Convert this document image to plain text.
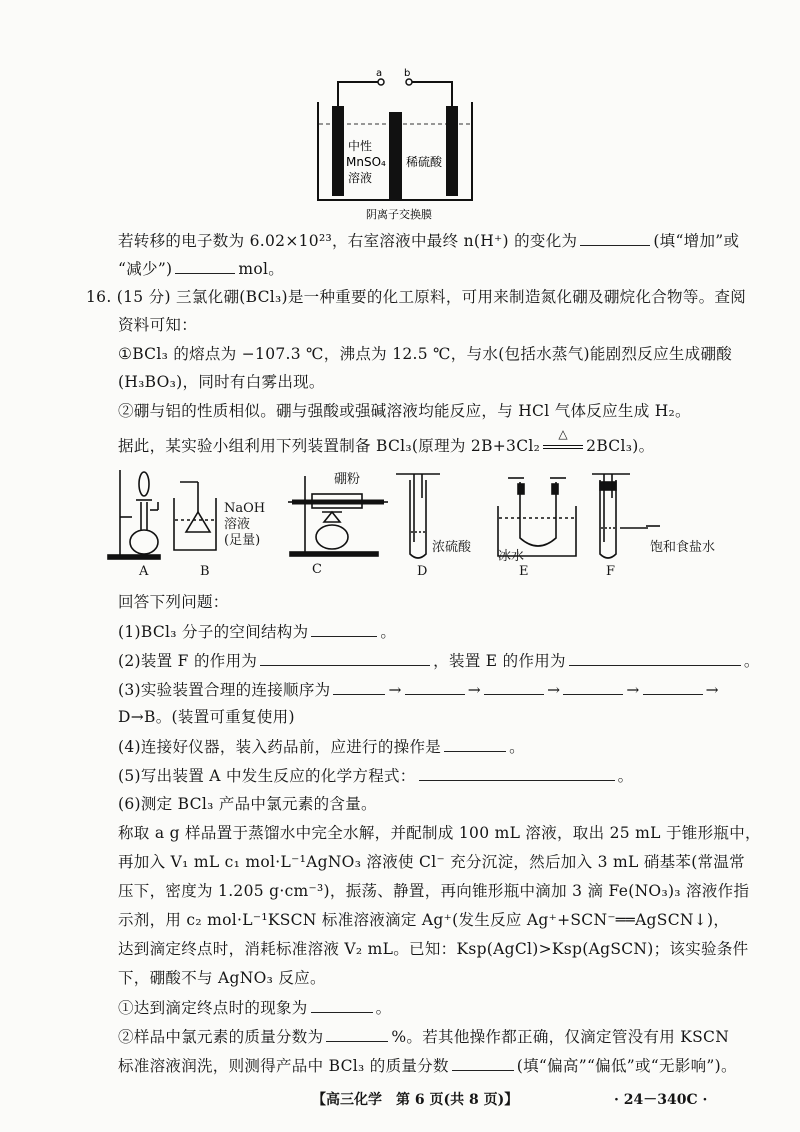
a b
中性
MnSO₄
溶液
稀硫酸
阴离子交换膜
若转移的电子数为 6.02×10²³，右室溶液中最终 n(H⁺) 的变化为	(填“增加”或
“减少”)	mol。
16. (15 分) 三氯化硼(BCl₃)是一种重要的化工原料，可用来制造氮化硼及硼烷化合物等。查阅
资料可知：
①BCl₃ 的熔点为 −107.3 ℃，沸点为 12.5 ℃，与水(包括水蒸气)能剧烈反应生成硼酸
(H₃BO₃)，同时有白雾出现。
②硼与铝的性质相似。硼与强酸或强碱溶液均能反应，与 HCl 气体反应生成 H₂。
据此，某实验小组利用下列装置制备 BCl₃(原理为 2B+3Cl₂
△
2BCl₃)。
NaOH
溶液
(足量)
硼粉
浓硫酸
冰水
饱和食盐水
A	B	C	D	E	F
回答下列问题：
(1)BCl₃ 分子的空间结构为	。
(2)装置 F 的作用为	，装置 E 的作用为	。
(3)实验装置合理的连接顺序为	→	→	→	→	→
D→B。(装置可重复使用)
(4)连接好仪器，装入药品前，应进行的操作是	。
(5)写出装置 A 中发生反应的化学方程式：	。
(6)测定 BCl₃ 产品中氯元素的含量。
称取 a g 样品置于蒸馏水中完全水解，并配制成 100 mL 溶液，取出 25 mL 于锥形瓶中，
再加入 V₁ mL c₁ mol·L⁻¹AgNO₃ 溶液使 Cl⁻ 充分沉淀，然后加入 3 mL 硝基苯(常温常
压下，密度为 1.205 g·cm⁻³)，振荡、静置，再向锥形瓶中滴加 3 滴 Fe(NO₃)₃ 溶液作指
示剂，用 c₂ mol·L⁻¹KSCN 标准溶液滴定 Ag⁺(发生反应 Ag⁺+SCN⁻══AgSCN↓)，
达到滴定终点时，消耗标准溶液 V₂ mL。已知：Ksp(AgCl)>Ksp(AgSCN)；该实验条件
下，硼酸不与 AgNO₃ 反应。
①达到滴定终点时的现象为	。
②样品中氯元素的质量分数为	%。若其他操作都正确，仅滴定管没有用 KSCN
标准溶液润洗，则测得产品中 BCl₃ 的质量分数	(填“偏高”“偏低”或“无影响”)。
【高三化学　第 6 页(共 8 页)】	· 24－340C ·
